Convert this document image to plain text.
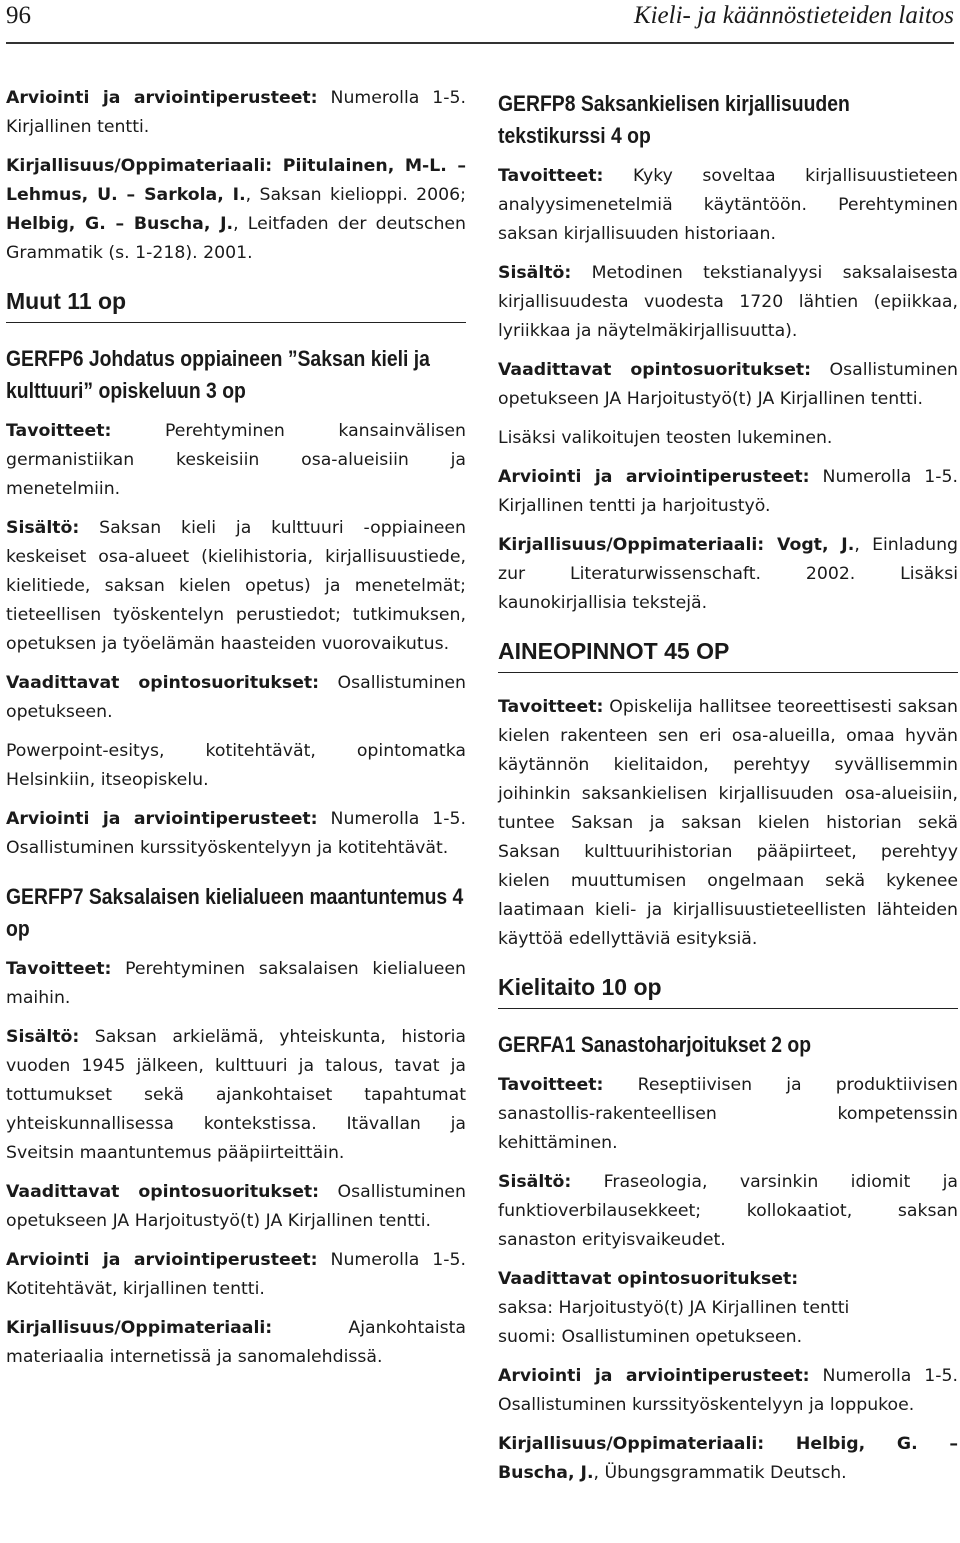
96	Kieli- ja käännöstieteiden laitos

Arviointi ja arviointiperusteet: Numerolla 1-5. Kirjallinen tentti.

Kirjallisuus/Oppimateriaali: Piitulainen, M-L. – Lehmus, U. – Sarkola, I., Saksan kielioppi. 2006; Helbig, G. – Buscha, J., Leitfaden der deutschen Grammatik (s. 1-218). 2001.

Muut 11 op
GERFP6 Johdatus oppiaineen ”Saksan kieli ja kulttuuri” opiskeluun 3 op

Tavoitteet: Perehtyminen kansainvälisen germanistiikan keskeisiin osa-alueisiin ja menetelmiin.

Sisältö: Saksan kieli ja kulttuuri -oppiaineen keskeiset osa-alueet (kielihistoria, kirjallisuustiede, kielitiede, saksan kielen opetus) ja menetelmät; tieteellisen työskentelyn perustiedot; tutkimuksen, opetuksen ja työelämän haasteiden vuorovaikutus.

Vaadittavat opintosuoritukset: Osallistuminen opetukseen.

Powerpoint-esitys, kotitehtävät, opintomatka Helsinkiin, itseopiskelu.

Arviointi ja arviointiperusteet: Numerolla 1-5. Osallistuminen kurssityöskentelyyn ja kotitehtävät.

GERFP7 Saksalaisen kielialueen maantuntemus 4 op

Tavoitteet: Perehtyminen saksalaisen kielialueen maihin.

Sisältö: Saksan arkielämä, yhteiskunta, historia vuoden 1945 jälkeen, kulttuuri ja talous, tavat ja tottumukset sekä ajankohtaiset tapahtumat yhteiskunnallisessa kontekstissa. Itävallan ja Sveitsin maantuntemus pääpiirteittäin.

Vaadittavat opintosuoritukset: Osallistuminen opetukseen JA Harjoitustyö(t) JA Kirjallinen tentti.

Arviointi ja arviointiperusteet: Numerolla 1-5. Kotitehtävät, kirjallinen tentti.

Kirjallisuus/Oppimateriaali: Ajankohtaista materiaalia internetissä ja sanomalehdissä.

GERFP8 Saksankielisen kirjallisuuden tekstikurssi 4 op

Tavoitteet: Kyky soveltaa kirjallisuustieteen analyysimenetelmiä käytäntöön. Perehtyminen saksan kirjallisuuden historiaan.

Sisältö: Metodinen tekstianalyysi saksalaisesta kirjallisuudesta vuodesta 1720 lähtien (epiikkaa, lyriikkaa ja näytelmäkirjallisuutta).

Vaadittavat opintosuoritukset: Osallistuminen opetukseen JA Harjoitustyö(t) JA Kirjallinen tentti.

Lisäksi valikoitujen teosten lukeminen.

Arviointi ja arviointiperusteet: Numerolla 1-5. Kirjallinen tentti ja harjoitustyö.

Kirjallisuus/Oppimateriaali: Vogt, J., Einladung zur Literaturwissenschaft. 2002. Lisäksi kaunokirjallisia tekstejä.

AINEOPINNOT 45 OP

Tavoitteet: Opiskelija hallitsee teoreettisesti saksan kielen rakenteen sen eri osa-alueilla, omaa hyvän käytännön kielitaidon, perehtyy syvällisemmin joihinkin saksankielisen kirjallisuuden osa-alueisiin, tuntee Saksan ja saksan kielen historian sekä Saksan kulttuurihistorian pääpiirteet, perehtyy kielen muuttumisen ongelmaan sekä kykenee laatimaan kieli- ja kirjallisuustieteellisten lähteiden käyttöä edellyttäviä esityksiä.

Kielitaito 10 op
GERFA1 Sanastoharjoitukset 2 op

Tavoitteet: Reseptiivisen ja produktiivisen sanastollis-rakenteellisen kompetenssin kehittäminen.

Sisältö: Fraseologia, varsinkin idiomit ja funktioverbilausekkeet; kollokaatiot, saksan sanaston erityisvaikeudet.

Vaadittavat opintosuoritukset:
saksa: Harjoitustyö(t) JA Kirjallinen tentti
suomi: Osallistuminen opetukseen.

Arviointi ja arviointiperusteet: Numerolla 1-5. Osallistuminen kurssityöskentelyyn ja loppukoe.

Kirjallisuus/Oppimateriaali: Helbig, G. – Buscha, J., Übungsgrammatik Deutsch.
